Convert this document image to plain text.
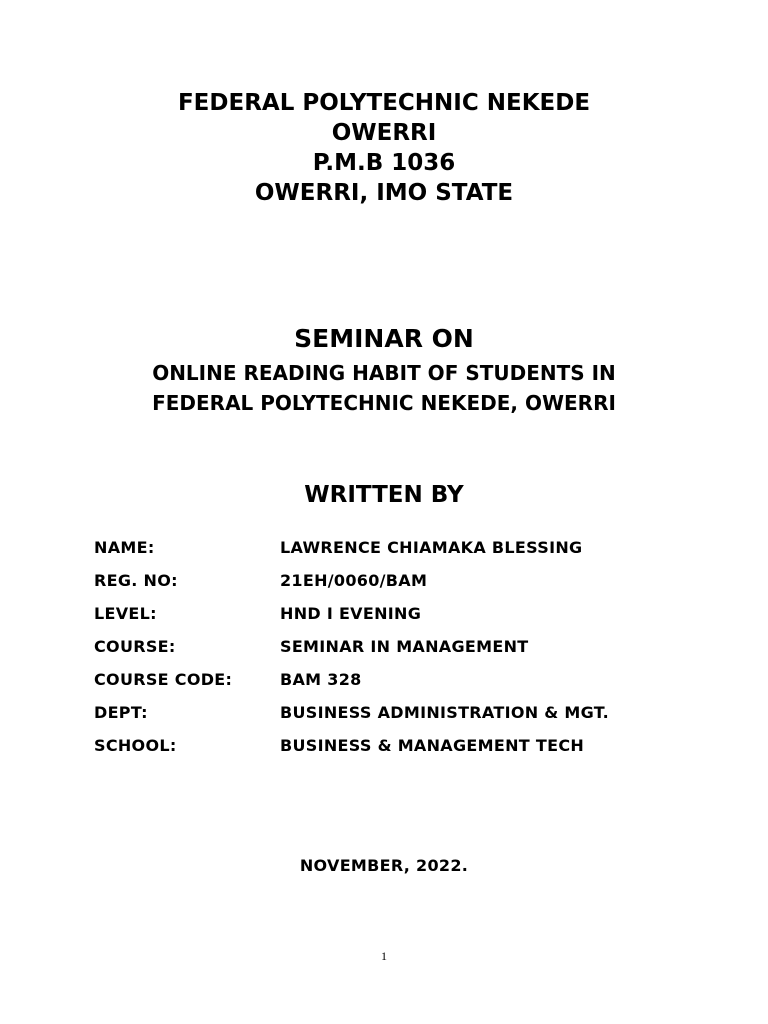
FEDERAL POLYTECHNIC NEKEDE
OWERRI
P.M.B 1036
OWERRI, IMO STATE
SEMINAR ON
ONLINE READING HABIT OF STUDENTS IN
FEDERAL POLYTECHNIC NEKEDE, OWERRI
WRITTEN BY
NAME:	LAWRENCE CHIAMAKA BLESSING
REG. NO:	21EH/0060/BAM
LEVEL:	HND I EVENING
COURSE:	SEMINAR IN MANAGEMENT
COURSE CODE:	BAM 328
DEPT:	BUSINESS ADMINISTRATION & MGT.
SCHOOL:	BUSINESS & MANAGEMENT TECH
NOVEMBER, 2022.
1
